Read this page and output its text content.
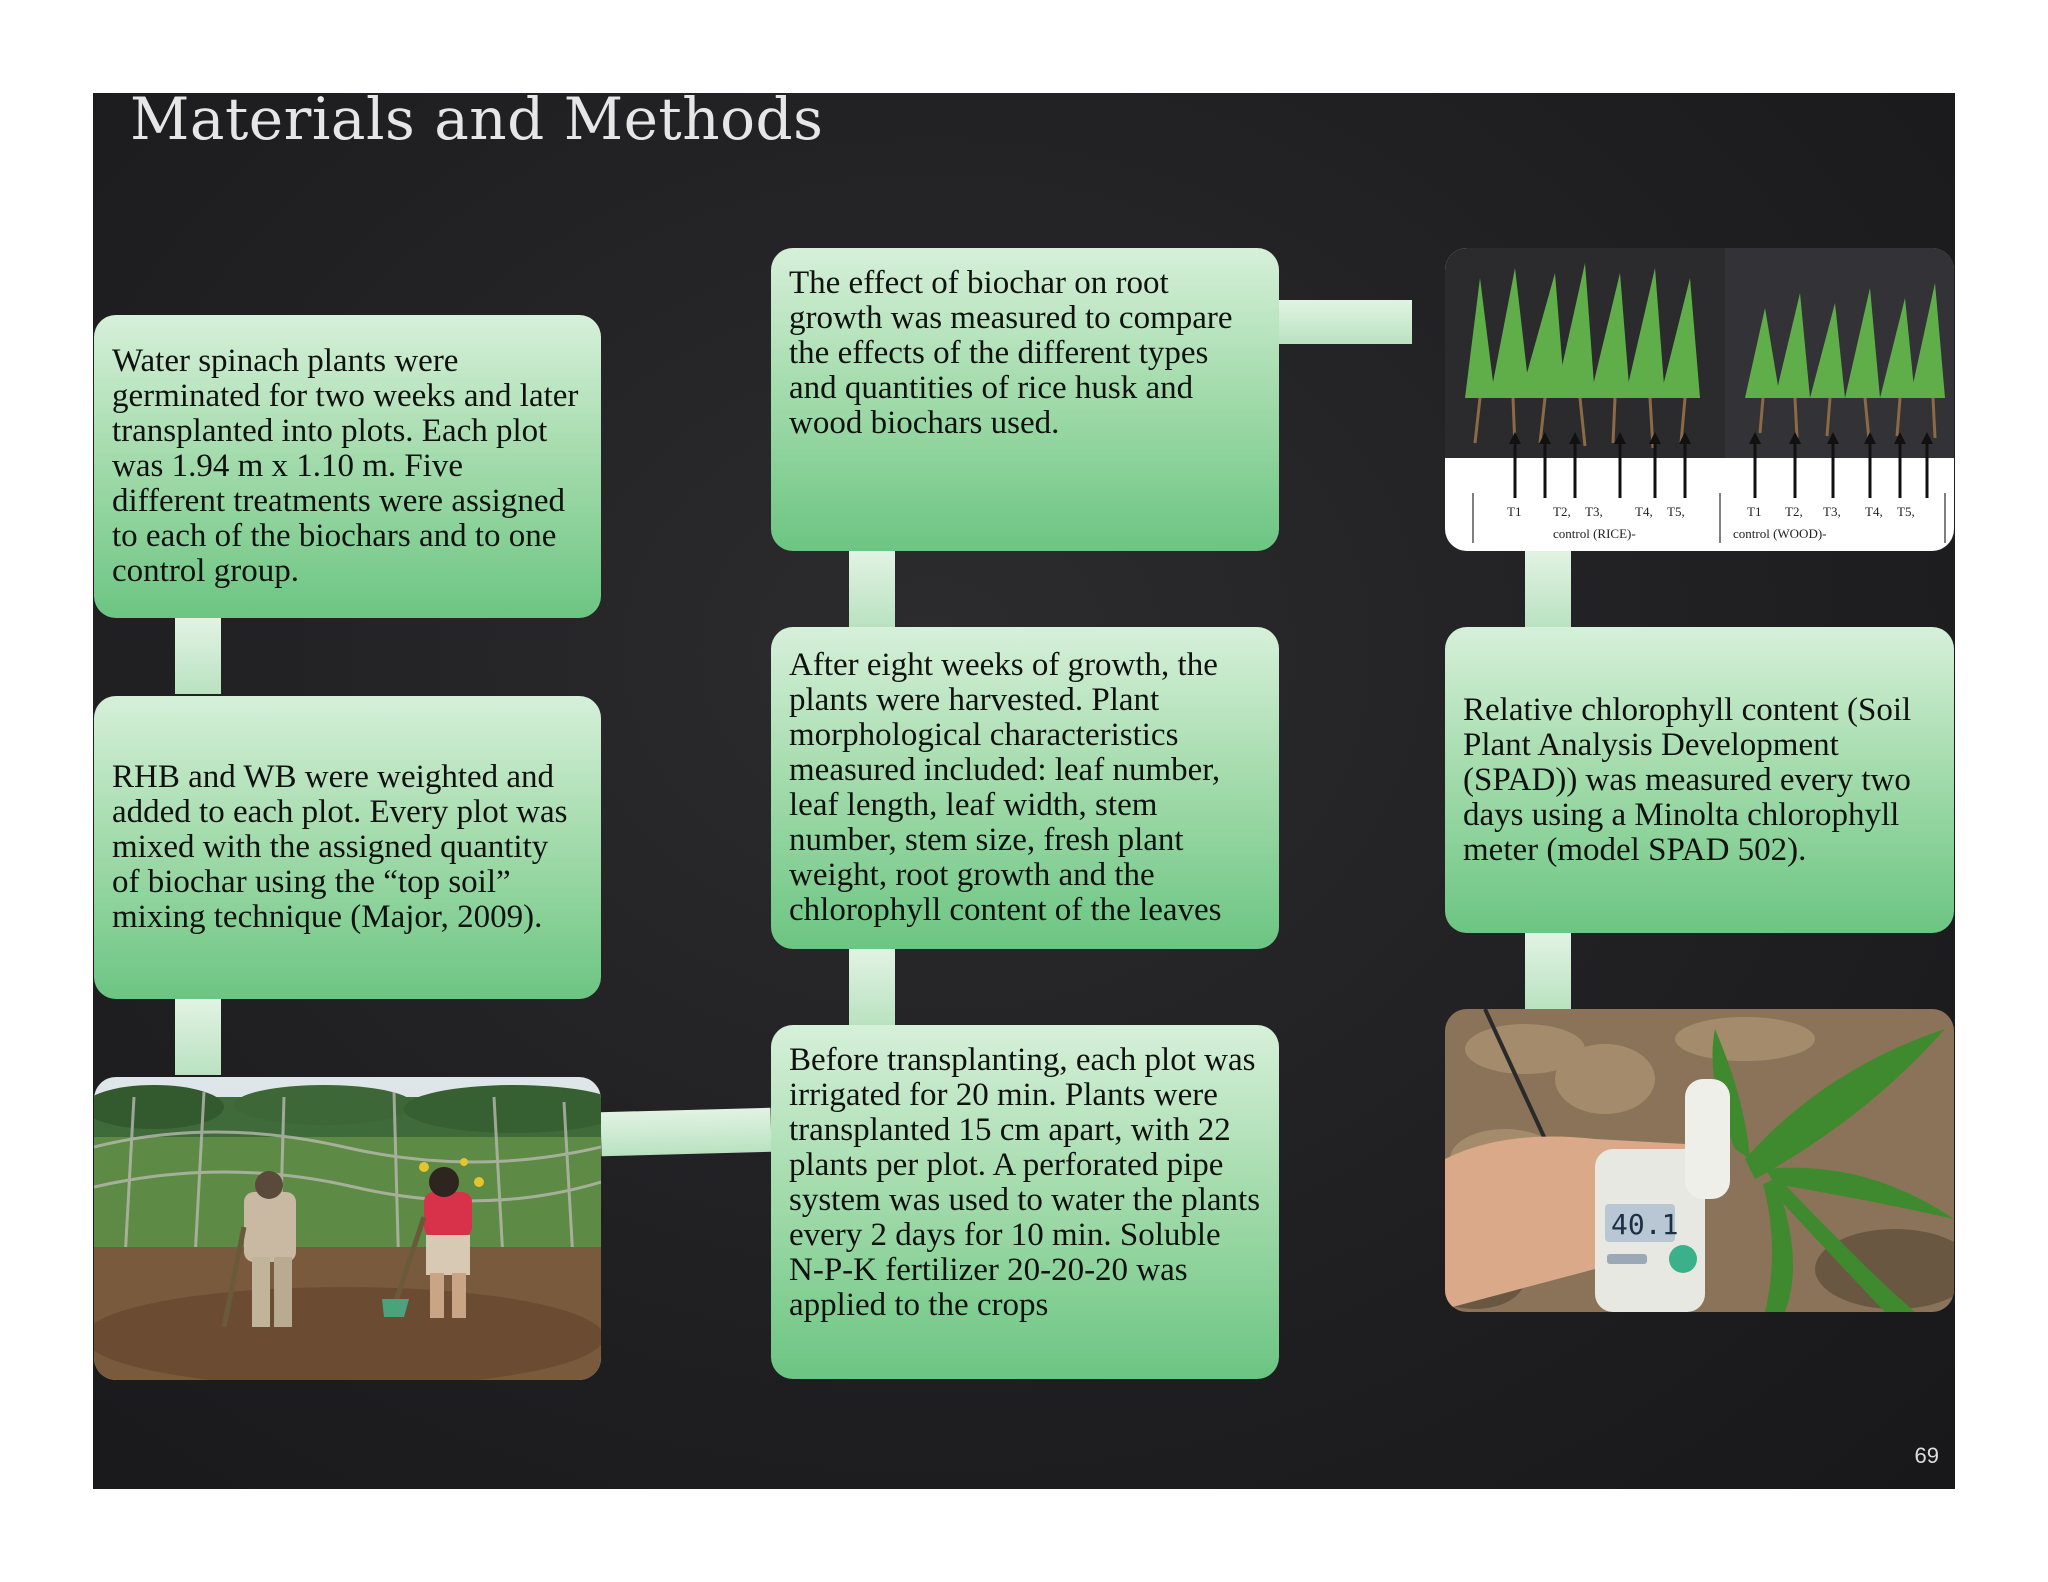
Materials and Methods
Water spinach plants were germinated for two weeks and later transplanted into plots. Each plot was 1.94 m x 1.10 m. Five different treatments were assigned to each of the biochars and to one control group.
RHB and WB were weighted and added to each plot. Every plot was mixed with the assigned quantity of biochar using the “top soil” mixing technique (Major, 2009).
The effect of biochar on root growth was measured to compare the effects of the different types and quantities of rice husk and wood biochars used.
After eight weeks of growth, the plants were harvested. Plant morphological characteristics measured included: leaf number, leaf length, leaf width, stem number, stem size, fresh plant weight, root growth and the chlorophyll content of the leaves
Before transplanting, each plot was irrigated for 20 min. Plants were transplanted 15 cm apart, with 22 plants per plot. A perforated pipe system was used to water the plants every 2 days for 10 min. Soluble N-P-K fertilizer 20-20-20 was applied to the crops
T1 T2, T3, T4, T5,
control (RICE)-
T1 T2, T3, T4, T5,
control (WOOD)-
Relative chlorophyll content (Soil Plant Analysis Development (SPAD)) was measured every two days using a Minolta chlorophyll meter (model SPAD 502).
40.1
69
